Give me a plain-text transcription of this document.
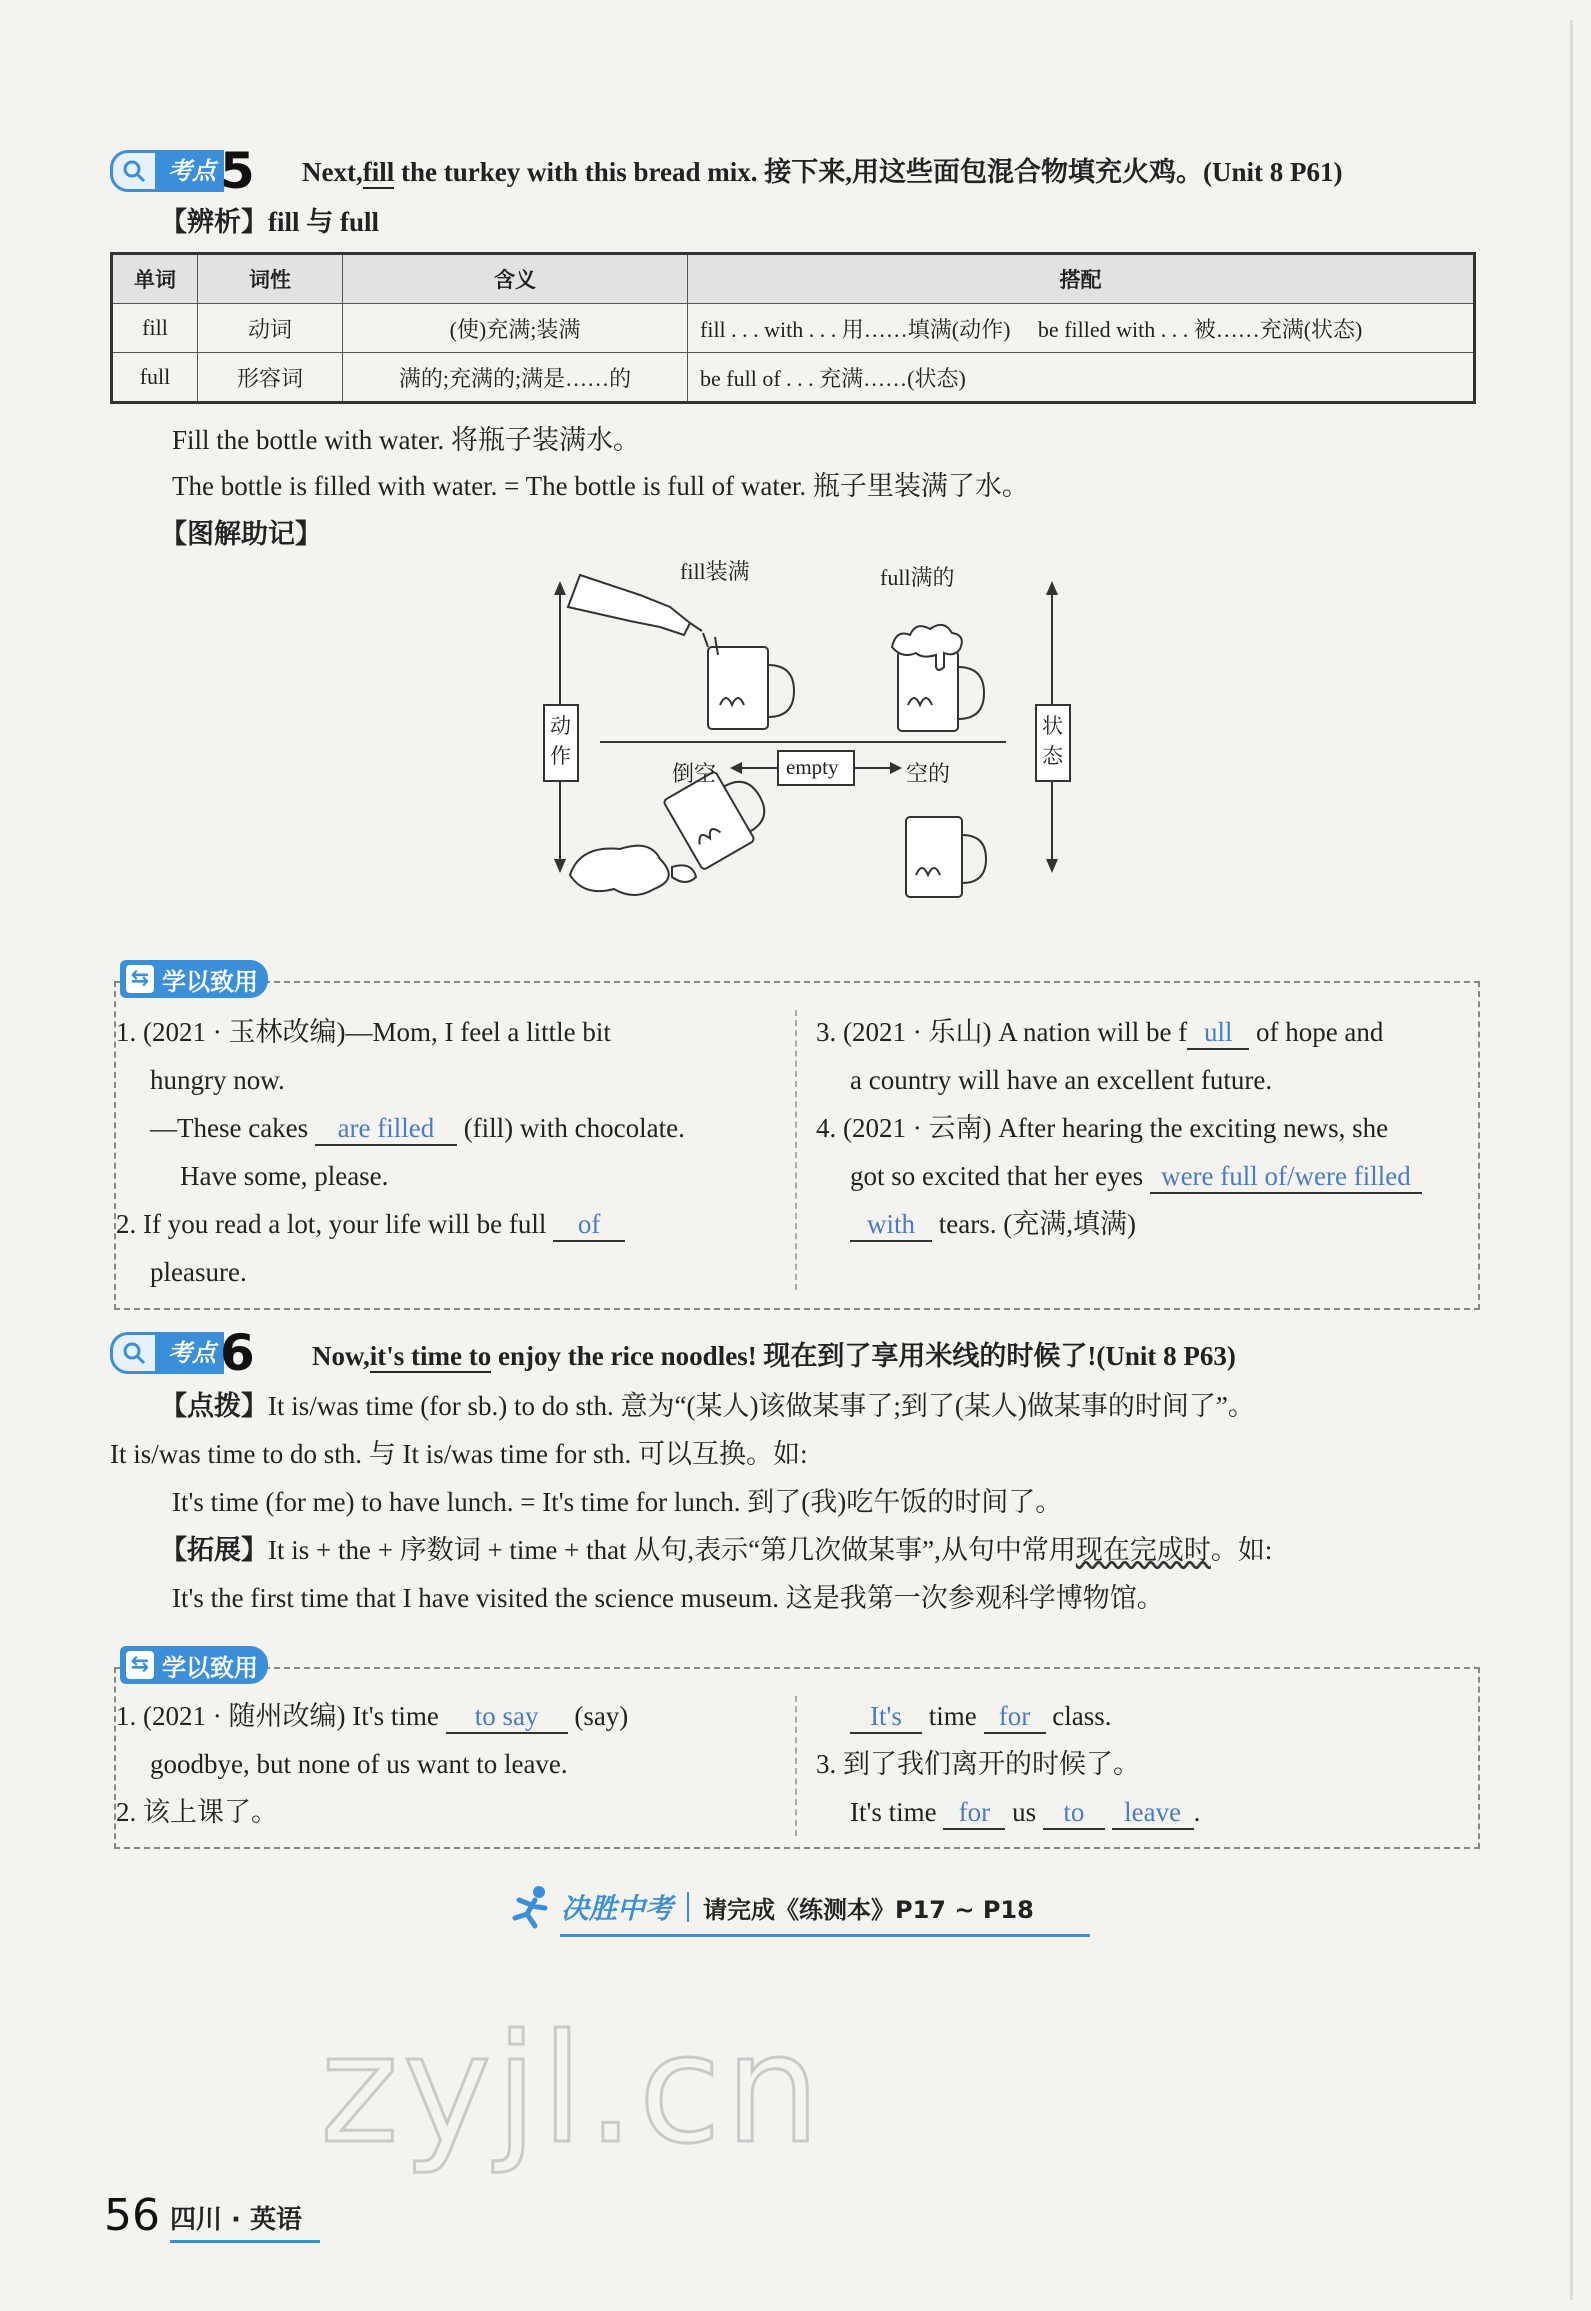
考点 5 Next,fill the turkey with this bread mix. 接下来,用这些面包混合物填充火鸡。(Unit 8 P61)
【辨析】fill 与 full
单词	词性	含义	搭配
fill	动词	(使)充满;装满	fill . . . with . . . 用……填满(动作)     be filled with . . . 被……充满(状态)
full	形容词	满的;充满的;满是……的	be full of . . . 充满……(状态)
Fill the bottle with water. 将瓶子装满水。
The bottle is filled with water. = The bottle is full of water. 瓶子里装满了水。
【图解助记】
fill装满	full满的
动作
状态
empty
倒空	空的
⇆ 学以致用
1. (2021 · 玉林改编)—Mom, I feel a little bit
hungry now.
—These cakes are filled (fill) with chocolate.
Have some, please.
2. If you read a lot, your life will be full of
pleasure.
3. (2021 · 乐山) A nation will be f ull of hope and
a country will have an excellent future.
4. (2021 · 云南) After hearing the exciting news, she
got so excited that her eyes were full of/were filled
with tears. (充满,填满)
考点 6 Now,it's time to enjoy the rice noodles! 现在到了享用米线的时候了!(Unit 8 P63)
【点拨】It is/was time (for sb.) to do sth. 意为“(某人)该做某事了;到了(某人)做某事的时间了”。
It is/was time to do sth. 与 It is/was time for sth. 可以互换。如:
It's time (for me) to have lunch. = It's time for lunch. 到了(我)吃午饭的时间了。
【拓展】It is + the + 序数词 + time + that 从句,表示“第几次做某事”,从句中常用现在完成时。如:
It's the first time that I have visited the science museum. 这是我第一次参观科学博物馆。
⇆ 学以致用
1. (2021 · 随州改编) It's time to say (say)
goodbye, but none of us want to leave.
2. 该上课了。
It's time for class.
3. 到了我们离开的时候了。
It's time for us to leave .
决胜中考 请完成《练测本》P17 ~ P18
zyjl.cn
56 四川 · 英语
